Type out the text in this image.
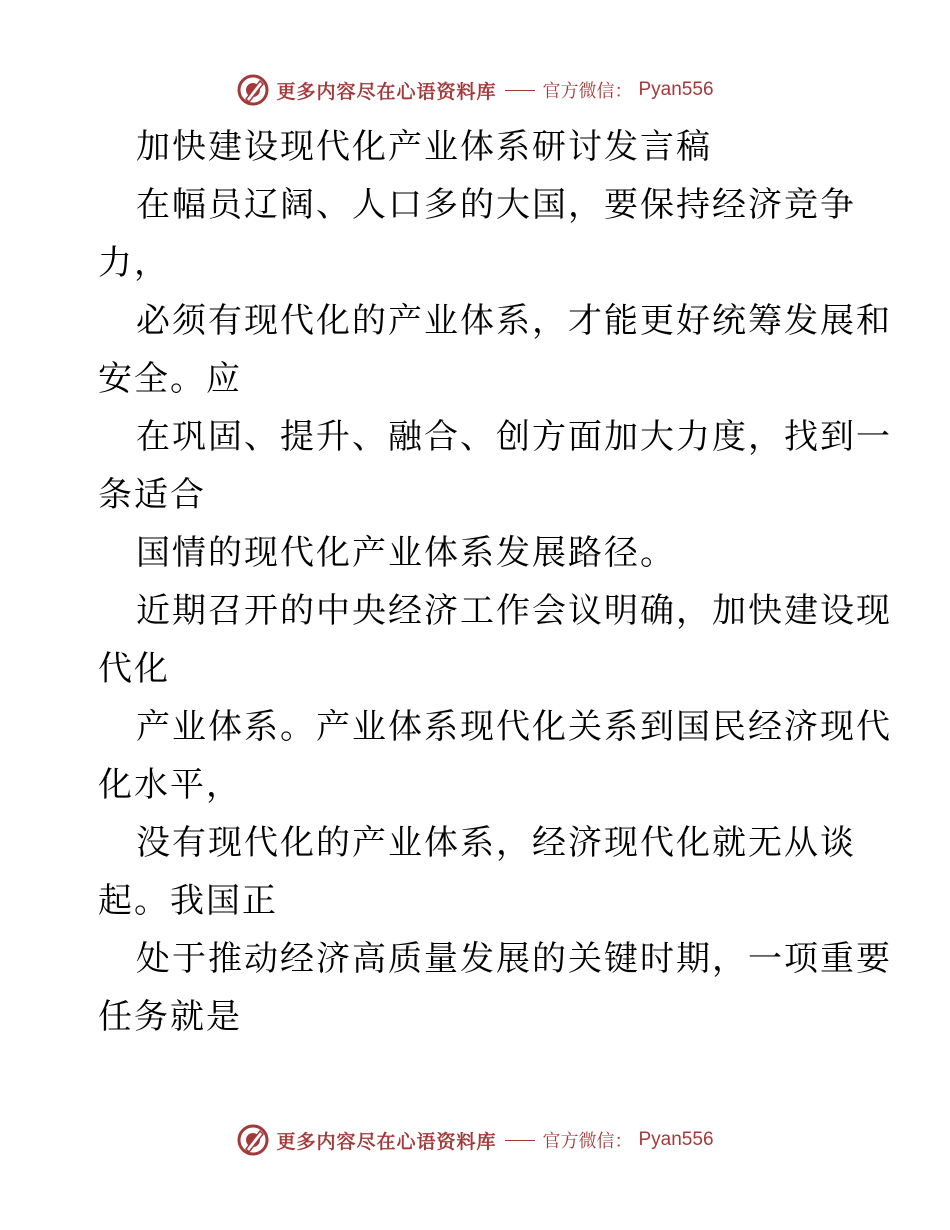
更多内容尽在心语资料库	官方微信： Pyan556
加快建设现代化产业体系研讨发言稿
在幅员辽阔、人口多的大国，要保持经济竞争
力，
必须有现代化的产业体系，才能更好统筹发展和
安全。应
在巩固、提升、融合、创方面加大力度，找到一
条适合
国情的现代化产业体系发展路径。
近期召开的中央经济工作会议明确，加快建设现
代化
产业体系。产业体系现代化关系到国民经济现代
化水平，
没有现代化的产业体系，经济现代化就无从谈
起。我国正
处于推动经济高质量发展的关键时期，一项重要
任务就是
更多内容尽在心语资料库	官方微信： Pyan556
